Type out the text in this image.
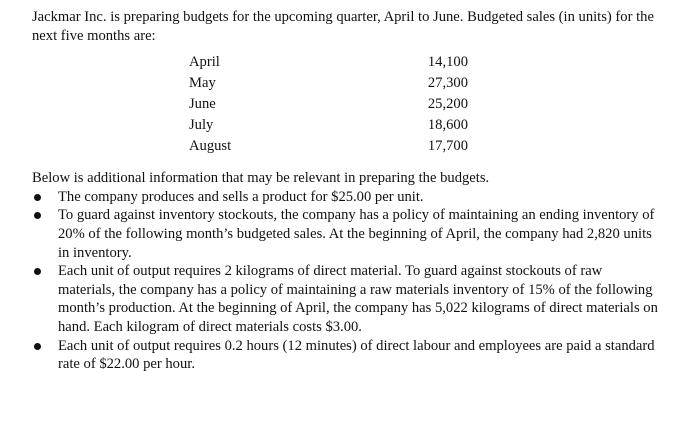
Jackmar Inc. is preparing budgets for the upcoming quarter, April to June. Budgeted sales (in units) for the next five months are:

April	14,100
May	27,300
June	25,200
July	18,600
August	17,700

Below is additional information that may be relevant in preparing the budgets.

The company produces and sells a product for $25.00 per unit.
To guard against inventory stockouts, the company has a policy of maintaining an ending inventory of 20% of the following month’s budgeted sales. At the beginning of April, the company had 2,820 units in inventory.
Each unit of output requires 2 kilograms of direct material. To guard against stockouts of raw materials, the company has a policy of maintaining a raw materials inventory of 15% of the following month’s production. At the beginning of April, the company has 5,022 kilograms of direct materials on hand. Each kilogram of direct materials costs $3.00.
Each unit of output requires 0.2 hours (12 minutes) of direct labour and employees are paid a standard rate of $22.00 per hour.
